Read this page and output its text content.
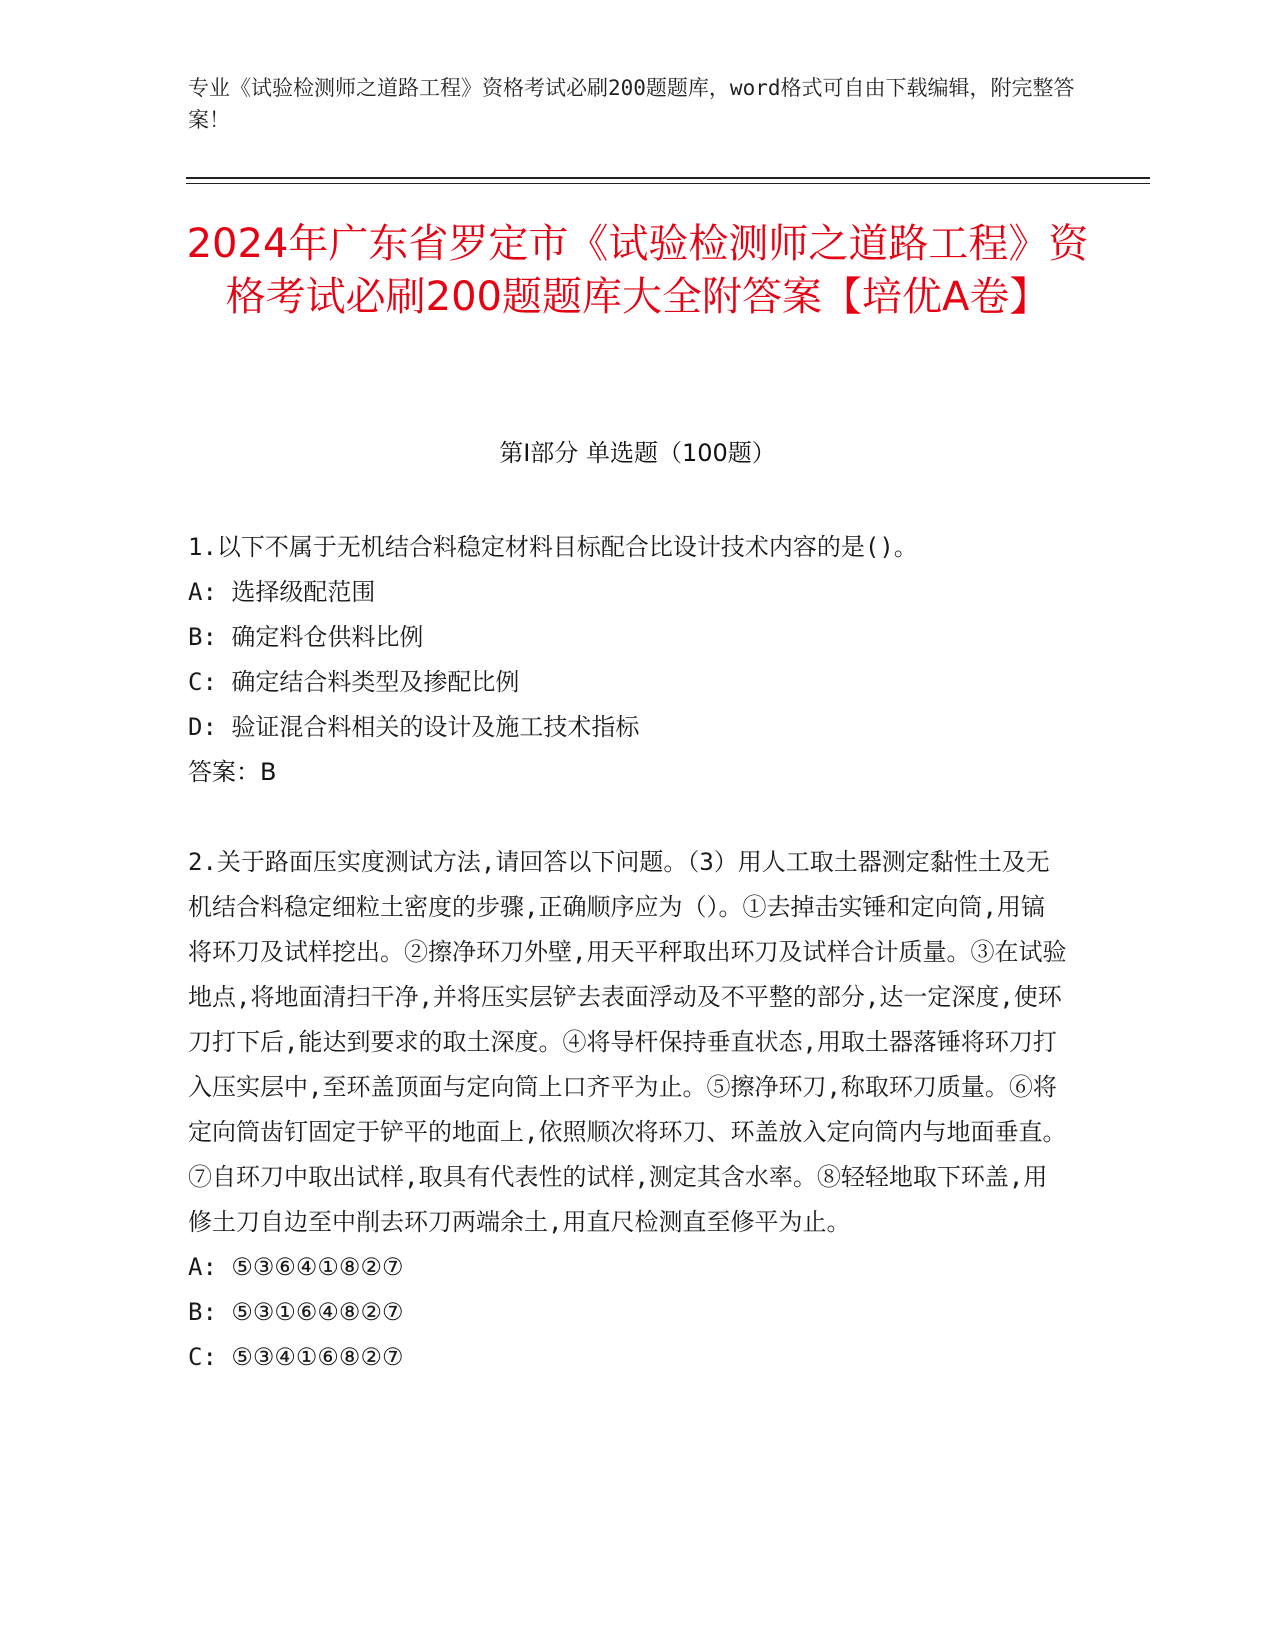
专业《试验检测师之道路工程》资格考试必刷200题题库，word格式可自由下载编辑，附完整答案！

2024年广东省罗定市《试验检测师之道路工程》资格考试必刷200题题库大全附答案【培优A卷】
第Ⅰ部分 单选题（100题）

1.以下不属于无机结合料稳定材料目标配合比设计技术内容的是()。

A: 选择级配范围

B: 确定料仓供料比例

C: 确定结合料类型及掺配比例

D: 验证混合料相关的设计及施工技术指标

答案：B

2.关于路面压实度测试方法,请回答以下问题。（3）用人工取土器测定黏性土及无机结合料稳定细粒土密度的步骤,正确顺序应为（）。①去掉击实锤和定向筒,用镐将环刀及试样挖出。②擦净环刀外壁,用天平秤取出环刀及试样合计质量。③在试验地点,将地面清扫干净,并将压实层铲去表面浮动及不平整的部分,达一定深度,使环刀打下后,能达到要求的取土深度。④将导杆保持垂直状态,用取土器落锤将环刀打入压实层中,至环盖顶面与定向筒上口齐平为止。⑤擦净环刀,称取环刀质量。⑥将定向筒齿钉固定于铲平的地面上,依照顺次将环刀、环盖放入定向筒内与地面垂直。⑦自环刀中取出试样,取具有代表性的试样,测定其含水率。⑧轻轻地取下环盖,用修土刀自边至中削去环刀两端余土,用直尺检测直至修平为止。

A: ⑤③⑥④①⑧②⑦

B: ⑤③①⑥④⑧②⑦

C: ⑤③④①⑥⑧②⑦
